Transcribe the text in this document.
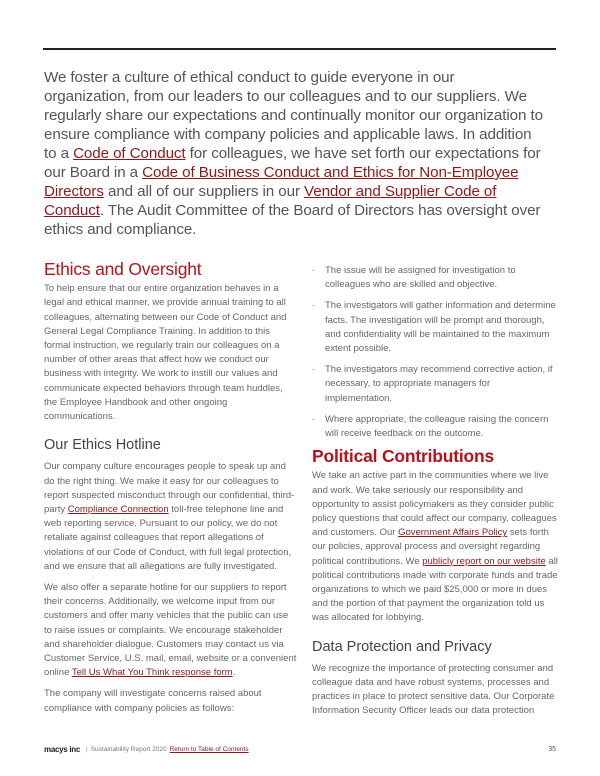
We foster a culture of ethical conduct to guide everyone in our organization, from our leaders to our colleagues and to our suppliers. We regularly share our expectations and continually monitor our organization to ensure compliance with company policies and applicable laws. In addition to a Code of Conduct for colleagues, we have set forth our expectations for our Board in a Code of Business Conduct and Ethics for Non-Employee Directors and all of our suppliers in our Vendor and Supplier Code of Conduct. The Audit Committee of the Board of Directors has oversight over ethics and compliance.

Ethics and Oversight

To help ensure that our entire organization behaves in a legal and ethical manner, we provide annual training to all colleagues, alternating between our Code of Conduct and General Legal Compliance Training. In addition to this formal instruction, we regularly train our colleagues on a number of other areas that affect how we conduct our business with integrity. We work to instill our values and communicate expected behaviors through team huddles, the Employee Handbook and other ongoing communications.

Our Ethics Hotline

Our company culture encourages people to speak up and do the right thing. We make it easy for our colleagues to report suspected misconduct through our confidential, third-party Compliance Connection toll-free telephone line and web reporting service. Pursuant to our policy, we do not retaliate against colleagues that report allegations of violations of our Code of Conduct, with full legal protection, and we ensure that all allegations are fully investigated.

We also offer a separate hotline for our suppliers to report their concerns. Additionally, we welcome input from our customers and offer many vehicles that the public can use to raise issues or complaints. We encourage stakeholder and shareholder dialogue. Customers may contact us via Customer Service, U.S. mail, email, website or a convenient online Tell Us What You Think response form.

The company will investigate concerns raised about compliance with company policies as follows:

- The issue will be assigned for investigation to colleagues who are skilled and objective.
- The investigators will gather information and determine facts. The investigation will be prompt and thorough, and confidentiality will be maintained to the maximum extent possible.
- The investigators may recommend corrective action, if necessary, to appropriate managers for implementation.
- Where appropriate, the colleague raising the concern will receive feedback on the outcome.
Political Contributions

We take an active part in the communities where we live and work. We take seriously our responsibility and opportunity to assist policymakers as they consider public policy questions that could affect our company, colleagues and customers. Our Government Affairs Policy sets forth our policies, approval process and oversight regarding political contributions. We publicly report on our website all political contributions made with corporate funds and trade organizations to which we paid $25,000 or more in dues and the portion of that payment the organization told us was allocated for lobbying.

Data Protection and Privacy

We recognize the importance of protecting consumer and colleague data and have robust systems, processes and practices in place to protect sensitive data. Our Corporate Information Security Officer leads our data protection

macys inc | Sustainability Report 2020 Return to Table of Contents	35
